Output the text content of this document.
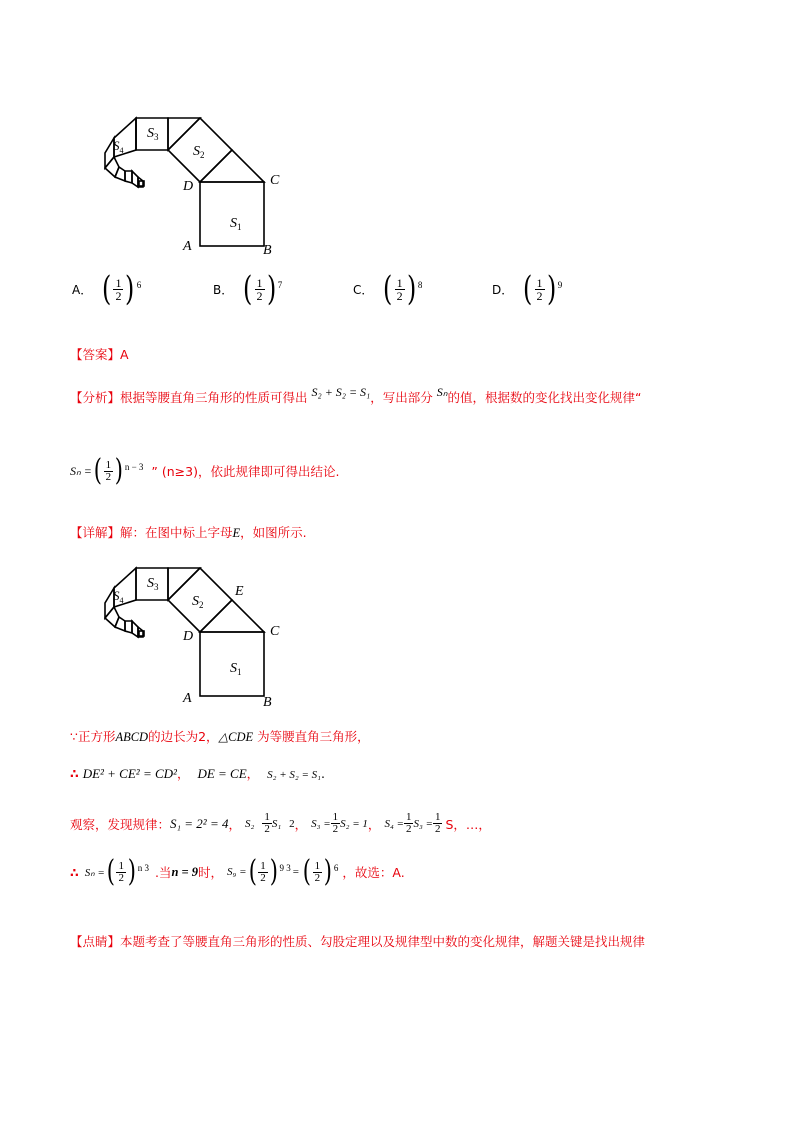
$S_1$
$S_2$
$S_3$
$S_4$
D	C
A	B
A． ( $\frac{1}{2}$ ) 6	B． ( $\frac{1}{2}$ ) 7	C． ( $\frac{1}{2}$ ) 8	D． ( $\frac{1}{2}$ ) 9
【答案】A
【分析】根据等腰直角三角形的性质可得出 S₂ + S₂ = S₁，写出部分 Sₙ的值，根据数的变化找出变化规律“
Sₙ = ( $\frac{1}{2}$ ) n − 3 ” (n≥3)，依此规律即可得出结论.
【详解】解：在图中标上字母E，如图所示.
$S_1$
$S_2$
$S_3$
$S_4$
E
D	C
A	B
∵正方形ABCD的边长为2，△CDE 为等腰直角三角形，
∴ DE² + CE² = CD²， DE = CE， S₂ + S₂ = S₁.
观察，发现规律： S₁ = 2² = 4 ， $S_2 \frac{1}{2} S_1$ 2 ， $S_3 = \frac{1}{2} S_2 = 1$ ， $S_4 = \frac{1}{2} S_3 = \frac{1}{2}$ S，…，
∴ Sₙ = ( $\frac{1}{2}$ ) n 3 .当 n = 9 时， S₉ = ( $\frac{1}{2}$ ) 9 3 = ( $\frac{1}{2}$ ) 6 ，故选：A.
【点睛】本题考查了等腰直角三角形的性质、勾股定理以及规律型中数的变化规律，解题关键是找出规律
